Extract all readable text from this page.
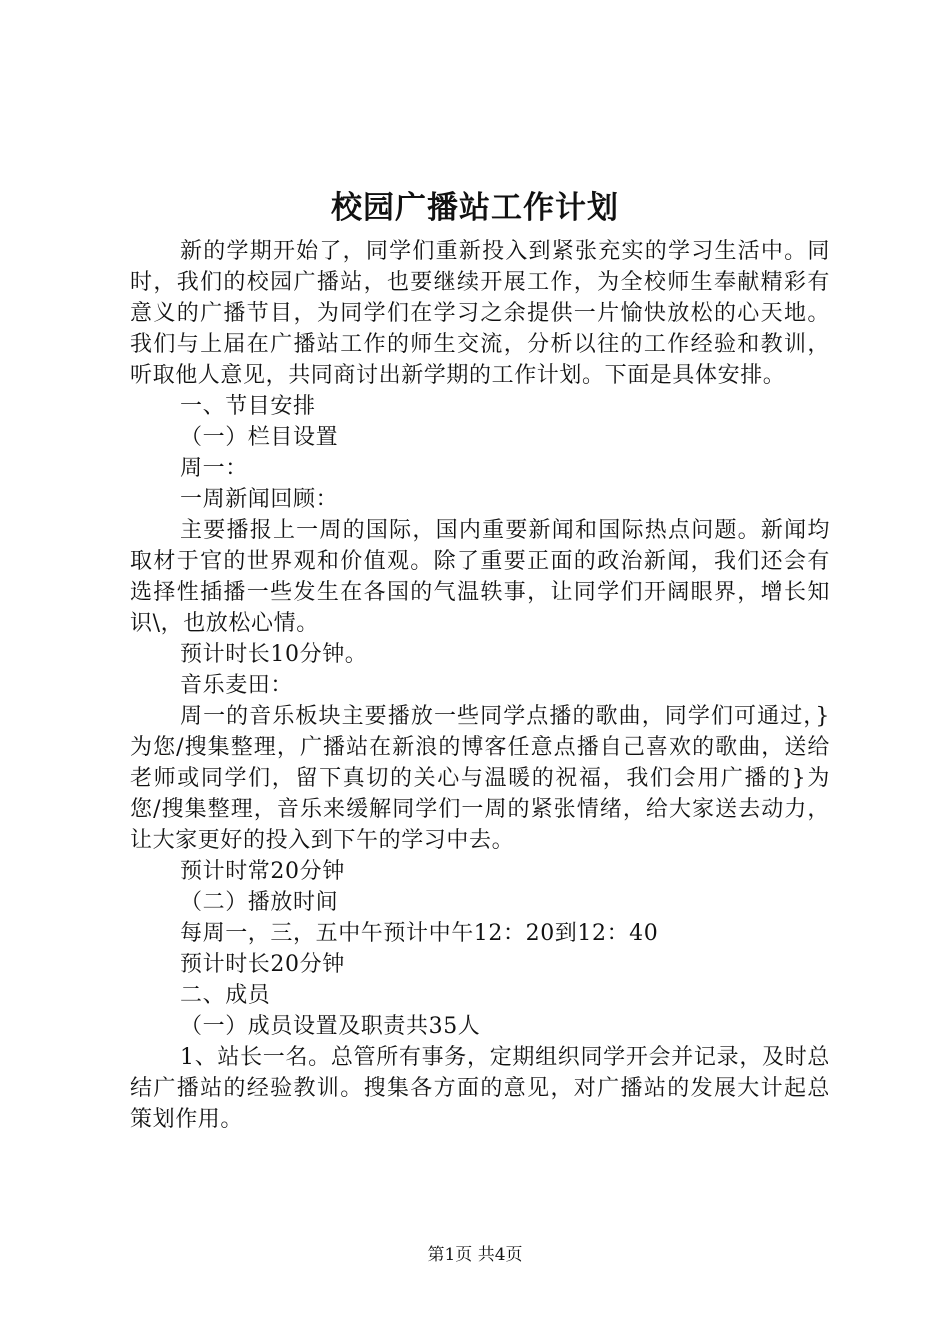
校园广播站工作计划

新的学期开始了，同学们重新投入到紧张充实的学习生活中。同时，我们的校园广播站，也要继续开展工作，为全校师生奉献精彩有意义的广播节目，为同学们在学习之余提供一片愉快放松的心天地。我们与上届在广播站工作的师生交流，分析以往的工作经验和教训，听取他人意见，共同商讨出新学期的工作计划。下面是具体安排。

一、节目安排

（一）栏目设置

周一：

一周新闻回顾：

主要播报上一周的国际，国内重要新闻和国际热点问题。新闻均取材于官的世界观和价值观。除了重要正面的政治新闻，我们还会有选择性插播一些发生在各国的气温轶事，让同学们开阔眼界，增长知识\，也放松心情。

预计时长10分钟。

音乐麦田：

周一的音乐板块主要播放一些同学点播的歌曲，同学们可通过，}为您/搜集整理，广播站在新浪的博客任意点播自己喜欢的歌曲，送给老师或同学们，留下真切的关心与温暖的祝福，我们会用广播的}为您/搜集整理，音乐来缓解同学们一周的紧张情绪，给大家送去动力，让大家更好的投入到下午的学习中去。

预计时常20分钟

（二）播放时间

每周一，三，五中午预计中午12：20到12：40

预计时长20分钟

二、成员

（一）成员设置及职责共35人

1、站长一名。总管所有事务，定期组织同学开会并记录，及时总结广播站的经验教训。搜集各方面的意见，对广播站的发展大计起总策划作用。

第1页 共4页
